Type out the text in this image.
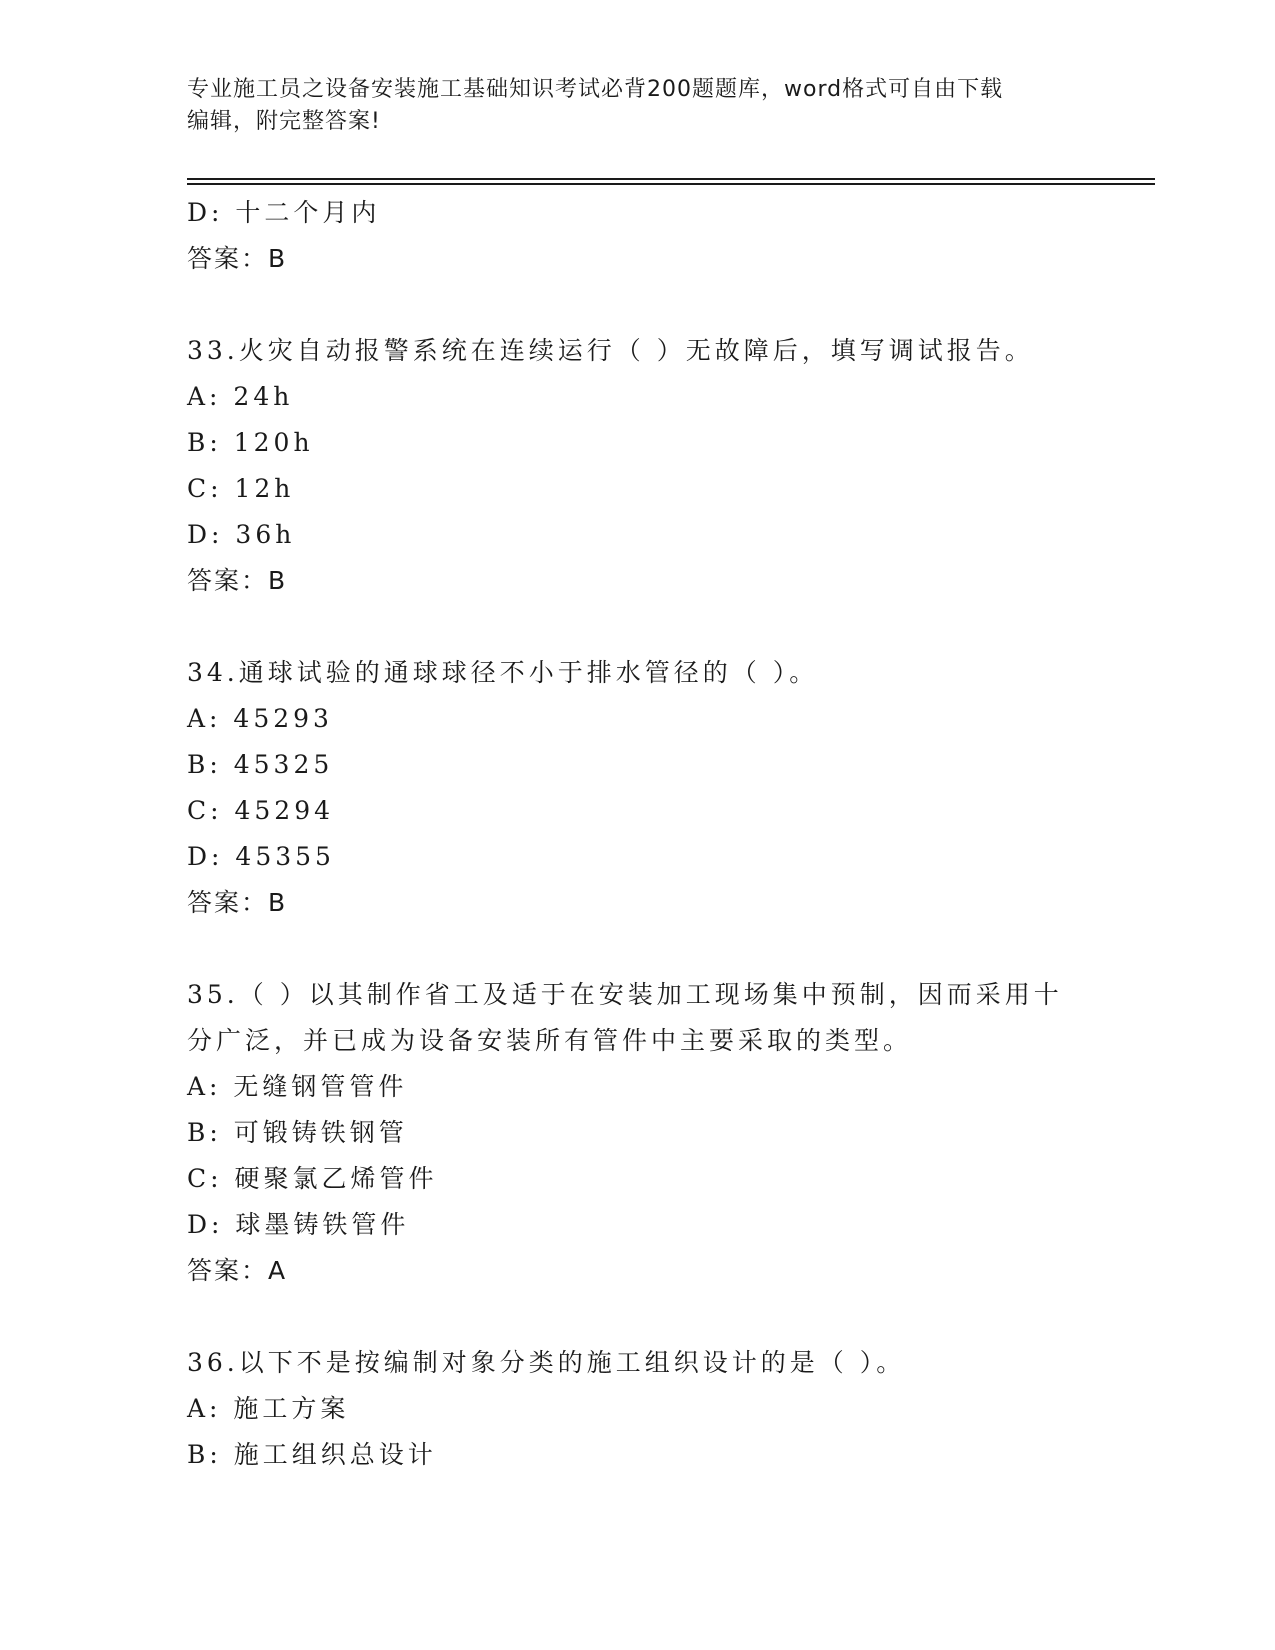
专业施工员之设备安装施工基础知识考试必背200题题库，word格式可自由下载
编辑，附完整答案!
D: 十二个月内
答案：B
33.火灾自动报警系统在连续运行（ ）无故障后，填写调试报告。
A: 24h
B: 120h
C: 12h
D: 36h
答案：B
34.通球试验的通球球径不小于排水管径的（ ）。
A: 45293
B: 45325
C: 45294
D: 45355
答案：B
35.（ ）以其制作省工及适于在安装加工现场集中预制，因而采用十
分广泛，并已成为设备安装所有管件中主要采取的类型。
A: 无缝钢管管件
B: 可锻铸铁钢管
C: 硬聚氯乙烯管件
D: 球墨铸铁管件
答案：A
36.以下不是按编制对象分类的施工组织设计的是（ ）。
A: 施工方案
B: 施工组织总设计
